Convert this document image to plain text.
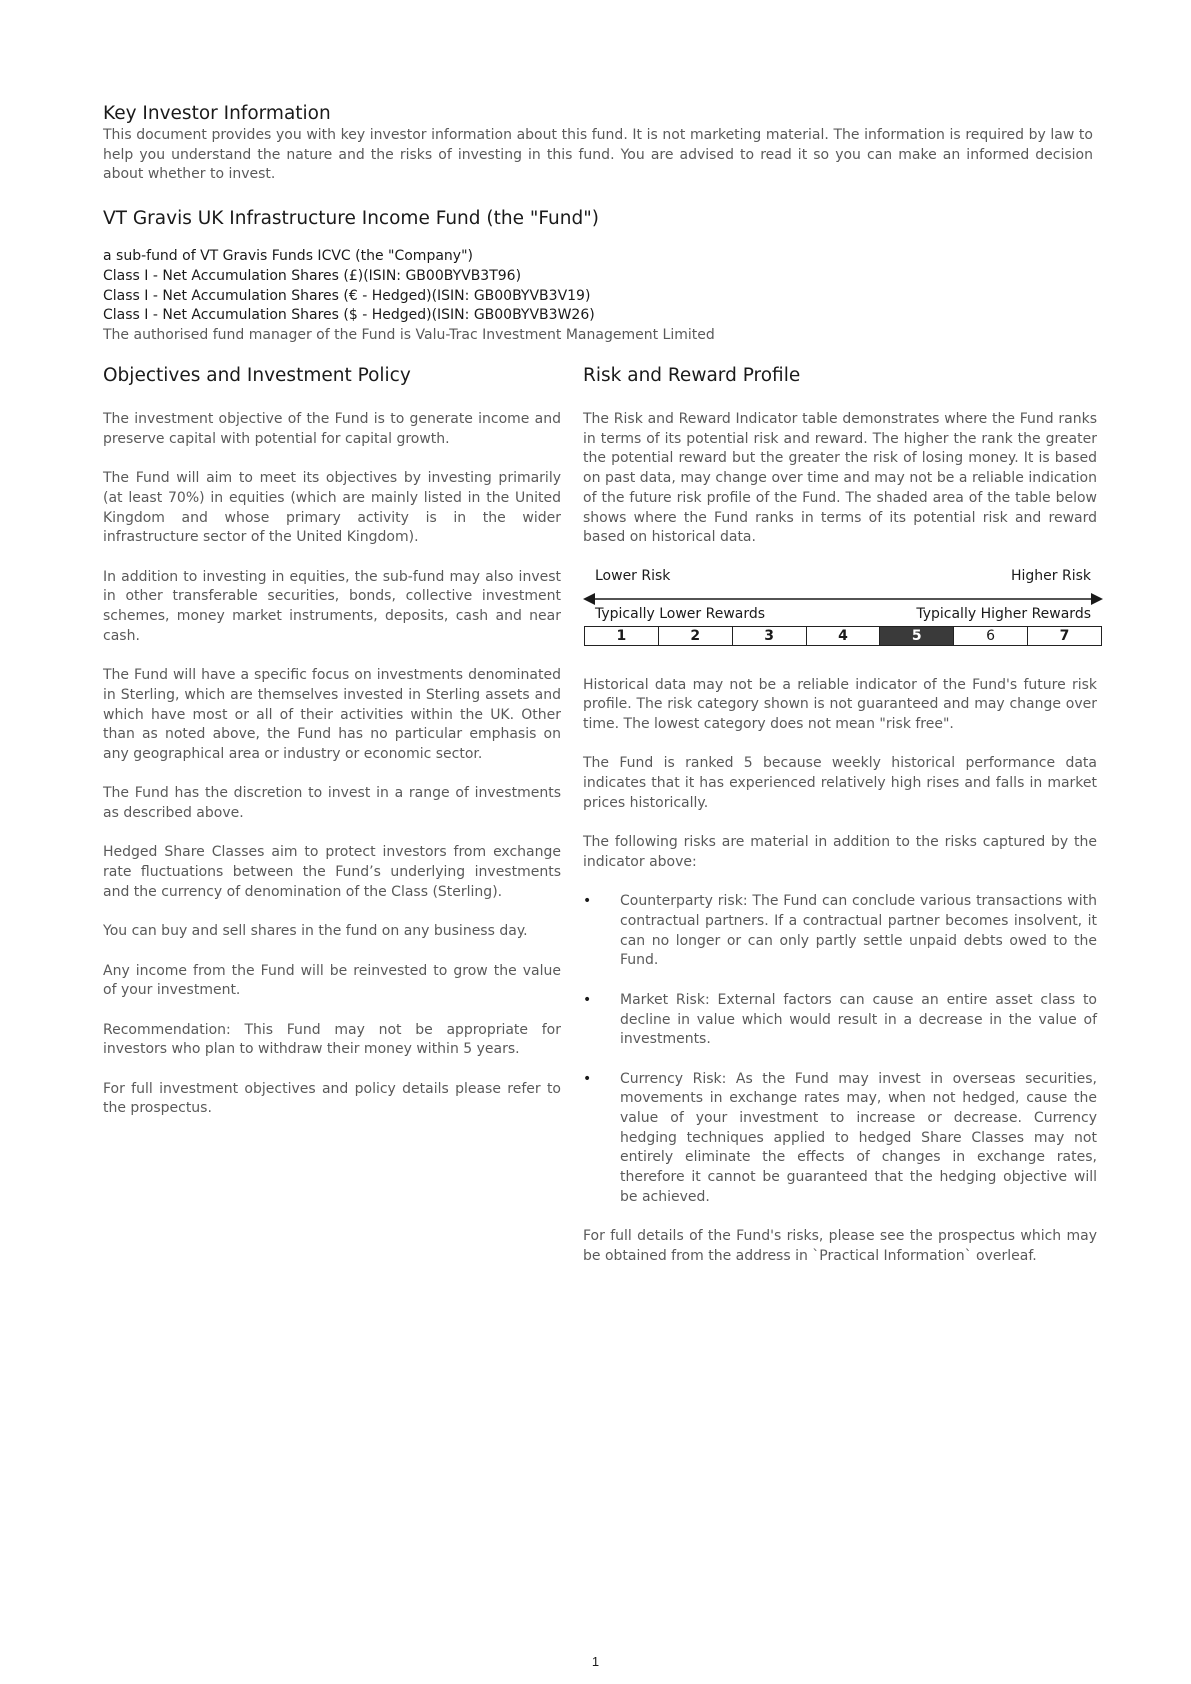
Key Investor Information

This document provides you with key investor information about this fund. It is not marketing material. The information is required by law to help you understand the nature and the risks of investing in this fund. You are advised to read it so you can make an informed decision about whether to invest.

VT Gravis UK Infrastructure Income Fund (the "Fund")
a sub-fund of VT Gravis Funds ICVC (the "Company")
Class I - Net Accumulation Shares (£)(ISIN: GB00BYVB3T96)
Class I - Net Accumulation Shares (€ - Hedged)(ISIN: GB00BYVB3V19)
Class I - Net Accumulation Shares ($ - Hedged)(ISIN: GB00BYVB3W26)
The authorised fund manager of the Fund is Valu-Trac Investment Management Limited
Objectives and Investment Policy

The investment objective of the Fund is to generate income and preserve capital with potential for capital growth.

The Fund will aim to meet its objectives by investing primarily (at least 70%) in equities (which are mainly listed in the United Kingdom and whose primary activity is in the wider infrastructure sector of the United Kingdom).

In addition to investing in equities, the sub-fund may also invest in other transferable securities, bonds, collective investment schemes, money market instruments, deposits, cash and near cash.

The Fund will have a specific focus on investments denominated in Sterling, which are themselves invested in Sterling assets and which have most or all of their activities within the UK. Other than as noted above, the Fund has no particular emphasis on any geographical area or industry or economic sector.

The Fund has the discretion to invest in a range of investments as described above.

Hedged Share Classes aim to protect investors from exchange rate fluctuations between the Fund’s underlying investments and the currency of denomination of the Class (Sterling).

You can buy and sell shares in the fund on any business day.

Any income from the Fund will be reinvested to grow the value of your investment.

Recommendation: This Fund may not be appropriate for investors who plan to withdraw their money within 5 years.

For full investment objectives and policy details please refer to the prospectus.

Risk and Reward Profile

The Risk and Reward Indicator table demonstrates where the Fund ranks in terms of its potential risk and reward. The higher the rank the greater the potential reward but the greater the risk of losing money. It is based on past data, may change over time and may not be a reliable indication of the future risk profile of the Fund. The shaded area of the table below shows where the Fund ranks in terms of its potential risk and reward based on historical data.

Lower Risk	Higher Risk
Typically Lower Rewards	Typically Higher Rewards
1	2	3	4	5	6	7

Historical data may not be a reliable indicator of the Fund's future risk profile. The risk category shown is not guaranteed and may change over time. The lowest category does not mean "risk free".

The Fund is ranked 5 because weekly historical performance data indicates that it has experienced relatively high rises and falls in market prices historically.

The following risks are material in addition to the risks captured by the indicator above:

• Counterparty risk: The Fund can conclude various transactions with contractual partners. If a contractual partner becomes insolvent, it can no longer or can only partly settle unpaid debts owed to the Fund.
• Market Risk: External factors can cause an entire asset class to decline in value which would result in a decrease in the value of investments.
• Currency Risk: As the Fund may invest in overseas securities, movements in exchange rates may, when not hedged, cause the value of your investment to increase or decrease. Currency hedging techniques applied to hedged Share Classes may not entirely eliminate the effects of changes in exchange rates, therefore it cannot be guaranteed that the hedging objective will be achieved.

For full details of the Fund's risks, please see the prospectus which may be obtained from the address in `Practical Information` overleaf.

1
